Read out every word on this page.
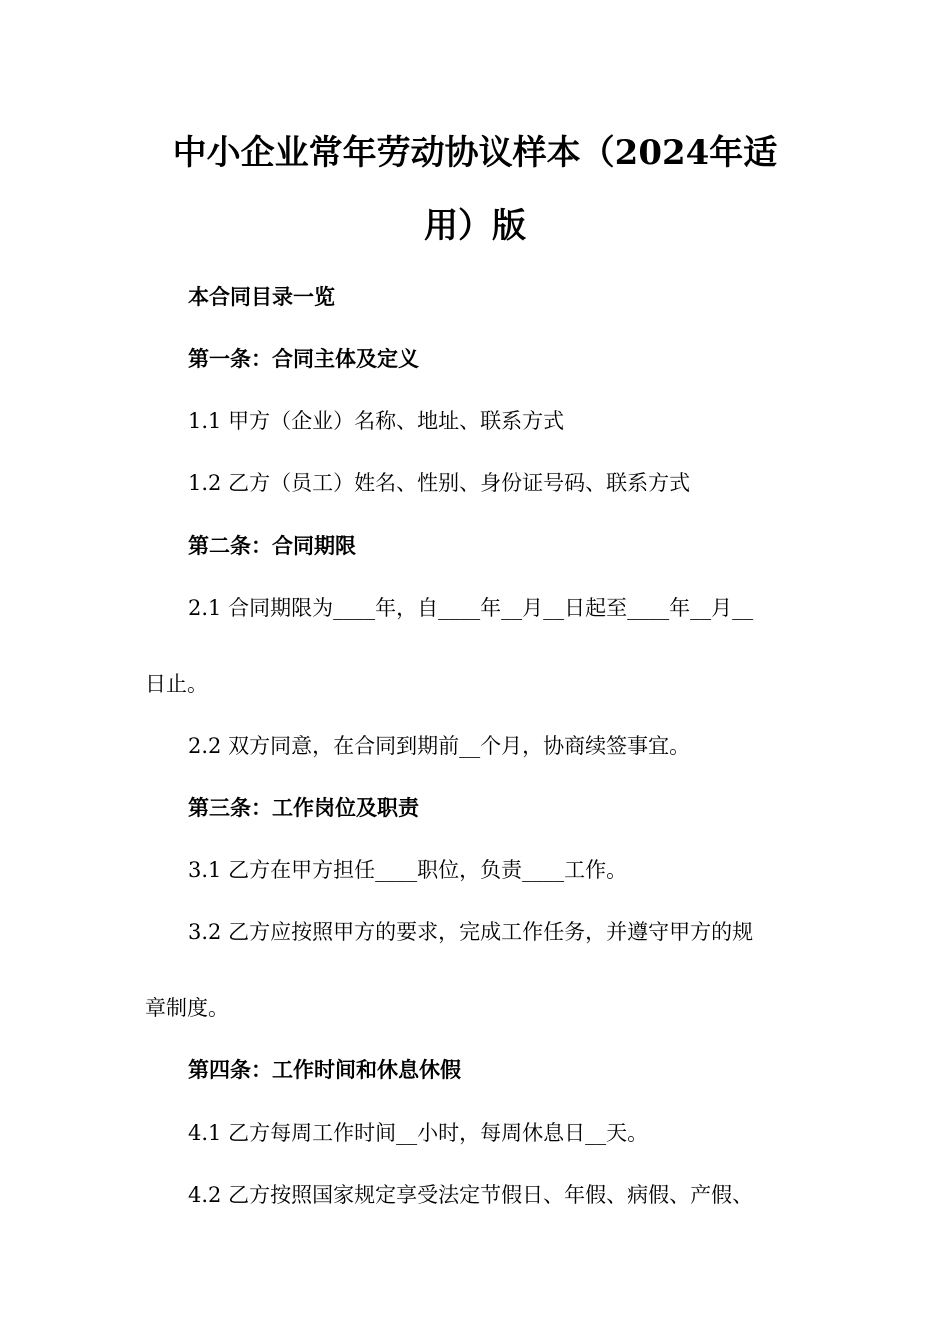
中小企业常年劳动协议样本（2024年适
用）版
本合同目录一览
第一条：合同主体及定义
1.1 甲方（企业）名称、地址、联系方式
1.2 乙方（员工）姓名、性别、身份证号码、联系方式
第二条：合同期限
2.1 合同期限为____年，自____年__月__日起至____年__月__
日止。
2.2 双方同意，在合同到期前__个月，协商续签事宜。
第三条：工作岗位及职责
3.1 乙方在甲方担任____职位，负责____工作。
3.2 乙方应按照甲方的要求，完成工作任务，并遵守甲方的规
章制度。
第四条：工作时间和休息休假
4.1 乙方每周工作时间__小时，每周休息日__天。
4.2 乙方按照国家规定享受法定节假日、年假、病假、产假、
